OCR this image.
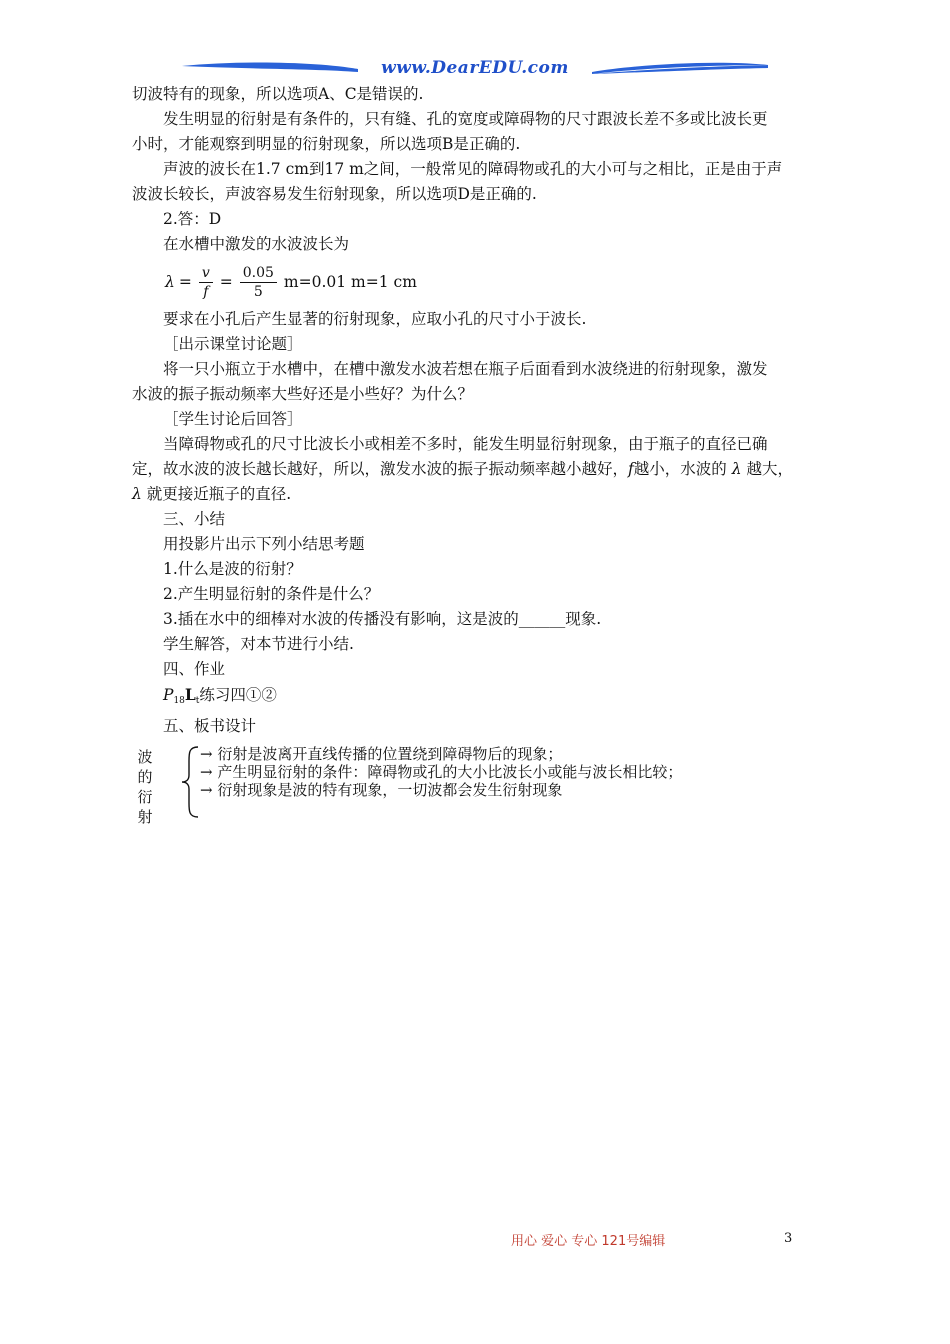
www.DearEDU.com

切波特有的现象，所以选项A、C是错误的.

发生明显的衍射是有条件的，只有缝、孔的宽度或障碍物的尺寸跟波长差不多或比波长更

小时，才能观察到明显的衍射现象，所以选项B是正确的.

声波的波长在1.7 cm到17 m之间，一般常见的障碍物或孔的大小可与之相比，正是由于声

波波长较长，声波容易发生衍射现象，所以选项D是正确的.

2.答：D

在水槽中激发的水波波长为

$\lambda = \frac{v}{f} = \frac{0.05}{5} m=0.01$ m=1 cm

要求在小孔后产生显著的衍射现象，应取小孔的尺寸小于波长.

［出示课堂讨论题］

将一只小瓶立于水槽中，在槽中激发水波若想在瓶子后面看到水波绕进的衍射现象，激发

水波的振子振动频率大些好还是小些好？为什么？

［学生讨论后回答］

当障碍物或孔的尺寸比波长小或相差不多时，能发生明显衍射现象，由于瓶子的直径已确

定，故水波的波长越长越好，所以，激发水波的振子振动频率越小越好，f越小，水波的 λ 越大，

λ 就更接近瓶子的直径.

三、小结

用投影片出示下列小结思考题

1.什么是波的衍射？

2.产生明显衍射的条件是什么？

3.插在水中的细棒对水波的传播没有影响，这是波的______现象.

学生解答，对本节进行小结.

四、作业

$P_{18}L_t$练习四①②

五、板书设计

波
的
衍
射
→ 衍射是波离开直线传播的位置绕到障碍物后的现象；
→ 产生明显衍射的条件：障碍物或孔的大小比波长小或能与波长相比较；
→ 衍射现象是波的特有现象，一切波都会发生衍射现象
用心 爱心 专心 121号编辑	3
